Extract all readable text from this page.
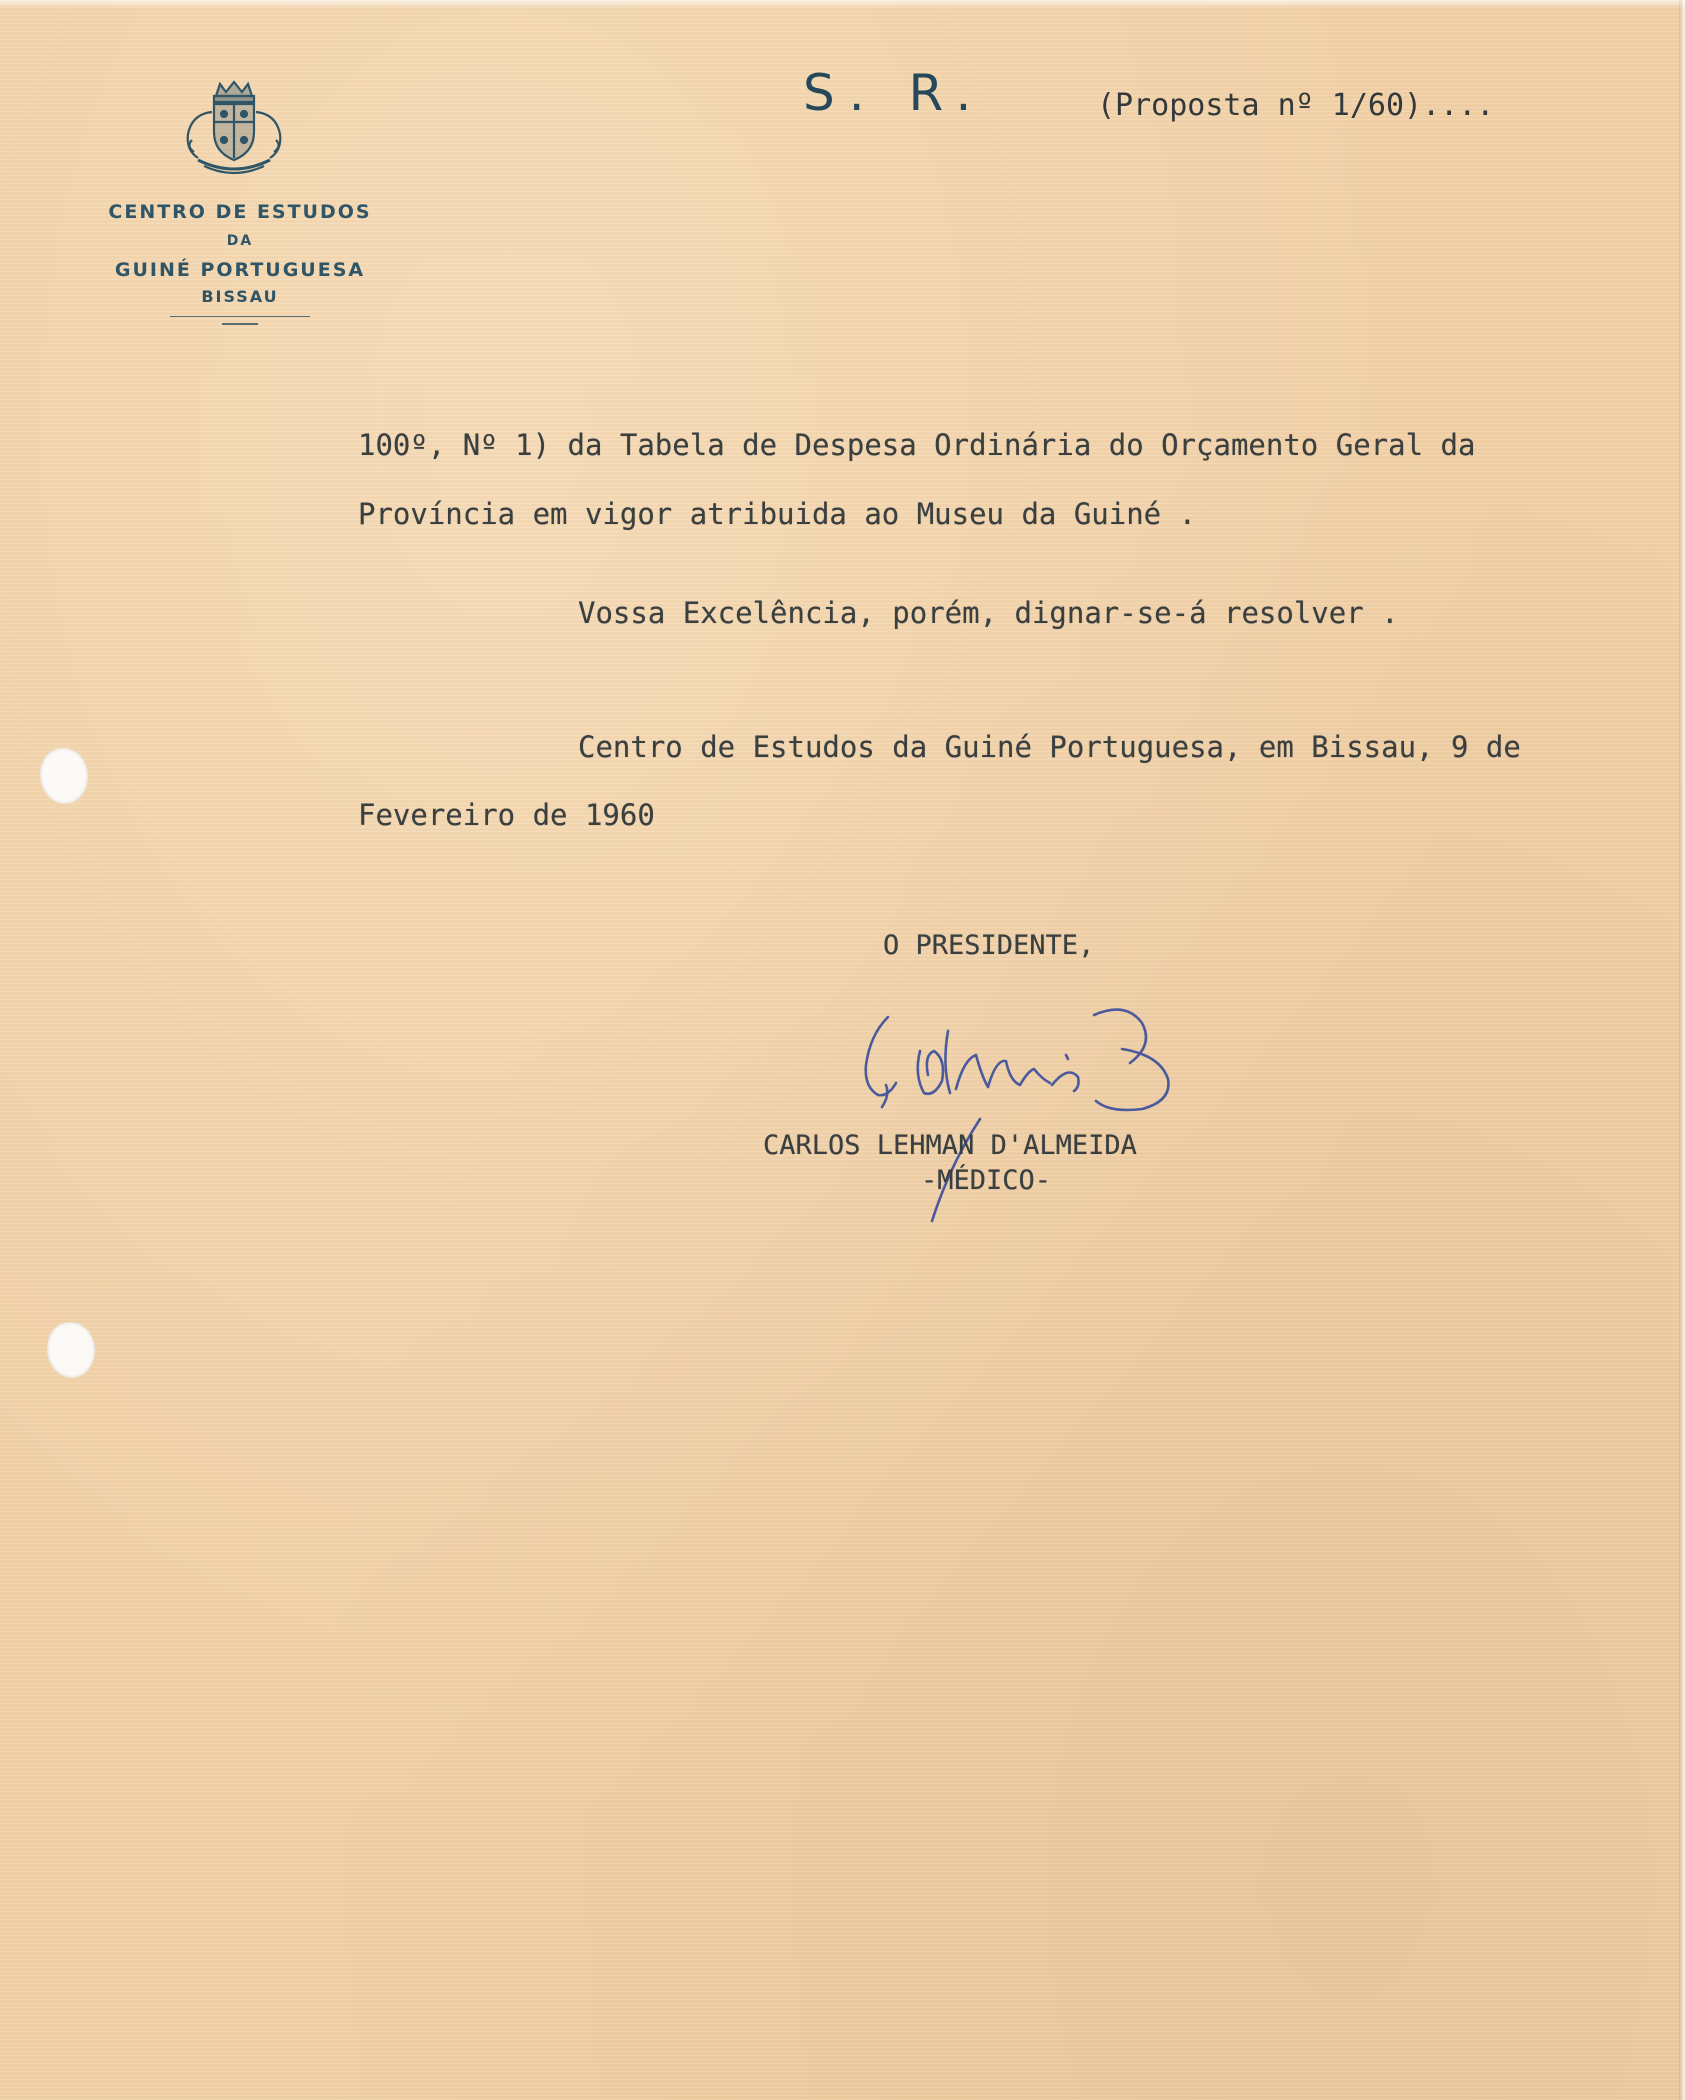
CENTRO DE ESTUDOS
DA
GUINÉ PORTUGUESA
BISSAU
S. R.	(Proposta nº 1/60)....
100º, Nº 1) da Tabela de Despesa Ordinária do Orçamento Geral da
Província em vigor atribuida ao Museu da Guiné .
Vossa Excelência, porém, dignar-se-á resolver .
Centro de Estudos da Guiné Portuguesa, em Bissau, 9 de
Fevereiro de 1960
O PRESIDENTE,
CARLOS LEHMAN D'ALMEIDA
-MÉDICO-
